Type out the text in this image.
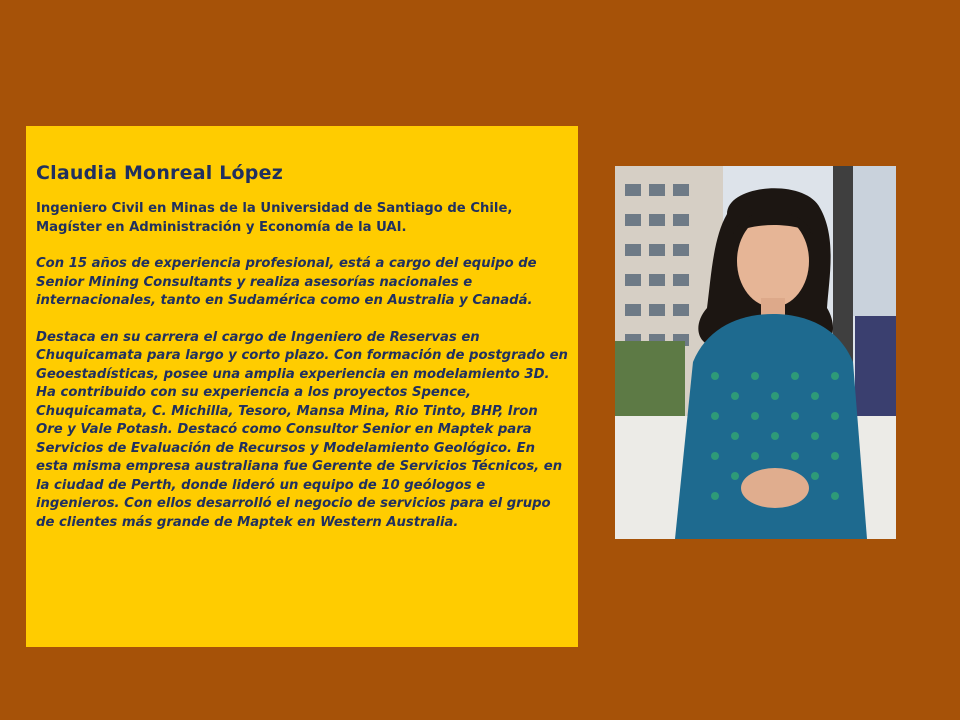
Claudia Monreal López

Ingeniero Civil en Minas de la Universidad de Santiago de Chile, Magíster en Administración y Economía de la UAI.

Con 15 años de experiencia profesional, está a cargo del equipo de Senior Mining Consultants y realiza asesorías nacionales e internacionales, tanto en Sudamérica como en Australia y Canadá.

Destaca en su carrera el cargo de Ingeniero de Reservas en Chuquicamata para largo y corto plazo. Con formación de postgrado en Geoestadísticas, posee una amplia experiencia en modelamiento 3D. Ha contribuido con su experiencia a los proyectos Spence, Chuquicamata, C. Michilla, Tesoro, Mansa Mina, Rio Tinto, BHP, Iron Ore y Vale Potash. Destacó como Consultor Senior en Maptek para Servicios de Evaluación de Recursos y Modelamiento Geológico. En esta misma empresa australiana fue Gerente de Servicios Técnicos, en la ciudad de Perth, donde lideró un equipo de 10 geólogos e ingenieros. Con ellos desarrolló el negocio de servicios para el grupo de clientes más grande de Maptek en Western Australia.
